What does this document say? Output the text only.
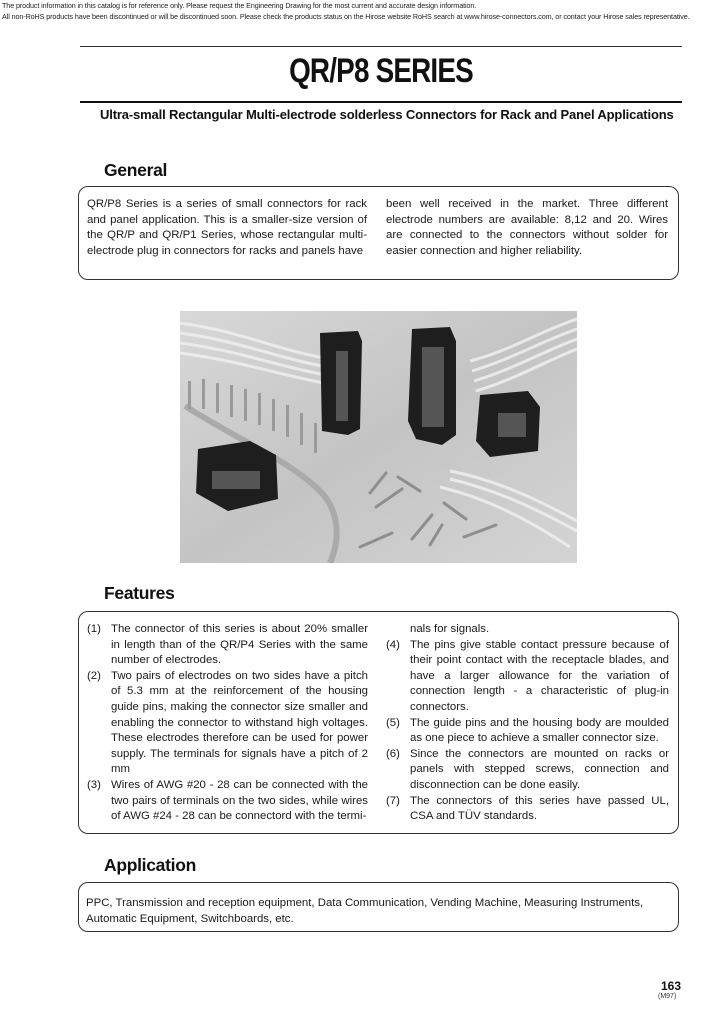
The product information in this catalog is for reference only. Please request the Engineering Drawing for the most current and accurate design information.
All non-RoHS products have been discontinued or will be discontinued soon. Please check the products status on the Hirose website RoHS search at www.hirose-connectors.com, or contact your Hirose sales representative.
QR/P8 SERIES
Ultra-small Rectangular Multi-electrode solderless Connectors for Rack and Panel Applications
General
QR/P8 Series is a series of small connectors for rack and panel application. This is a smaller-size version of the QR/P and QR/P1 Series, whose rectangular multi-electrode plug in connectors for racks and panels have
been well received in the market. Three different electrode numbers are available: 8,12 and 20. Wires are connected to the connectors without solder for easier connection and higher reliability.
Features
(1) The connector of this series is about 20% smaller in length than of the QR/P4 Series with the same number of electrodes.
(2) Two pairs of electrodes on two sides have a pitch of 5.3 mm at the reinforcement of the housing guide pins, making the connector size smaller and enabling the connector to withstand high voltages. These electrodes therefore can be used for power supply. The terminals for signals have a pitch of 2 mm
(3) Wires of AWG #20 - 28 can be connected with the two pairs of terminals on the two sides, while wires of AWG #24 - 28 can be connectord with the termi-
nals for signals.
(4) The pins give stable contact pressure because of their point contact with the receptacle blades, and have a larger allowance for the variation of connection length - a characteristic of plug-in connectors.
(5) The guide pins and the housing body are moulded as one piece to achieve a smaller connector size.
(6) Since the connectors are mounted on racks or panels with stepped screws, connection and disconnection can be done easily.
(7) The connectors of this series have passed UL, CSA and TÜV standards.
Application
PPC, Transmission and reception equipment, Data Communication, Vending Machine, Measuring Instruments, Automatic Equipment, Switchboards, etc.
163
(M97)
